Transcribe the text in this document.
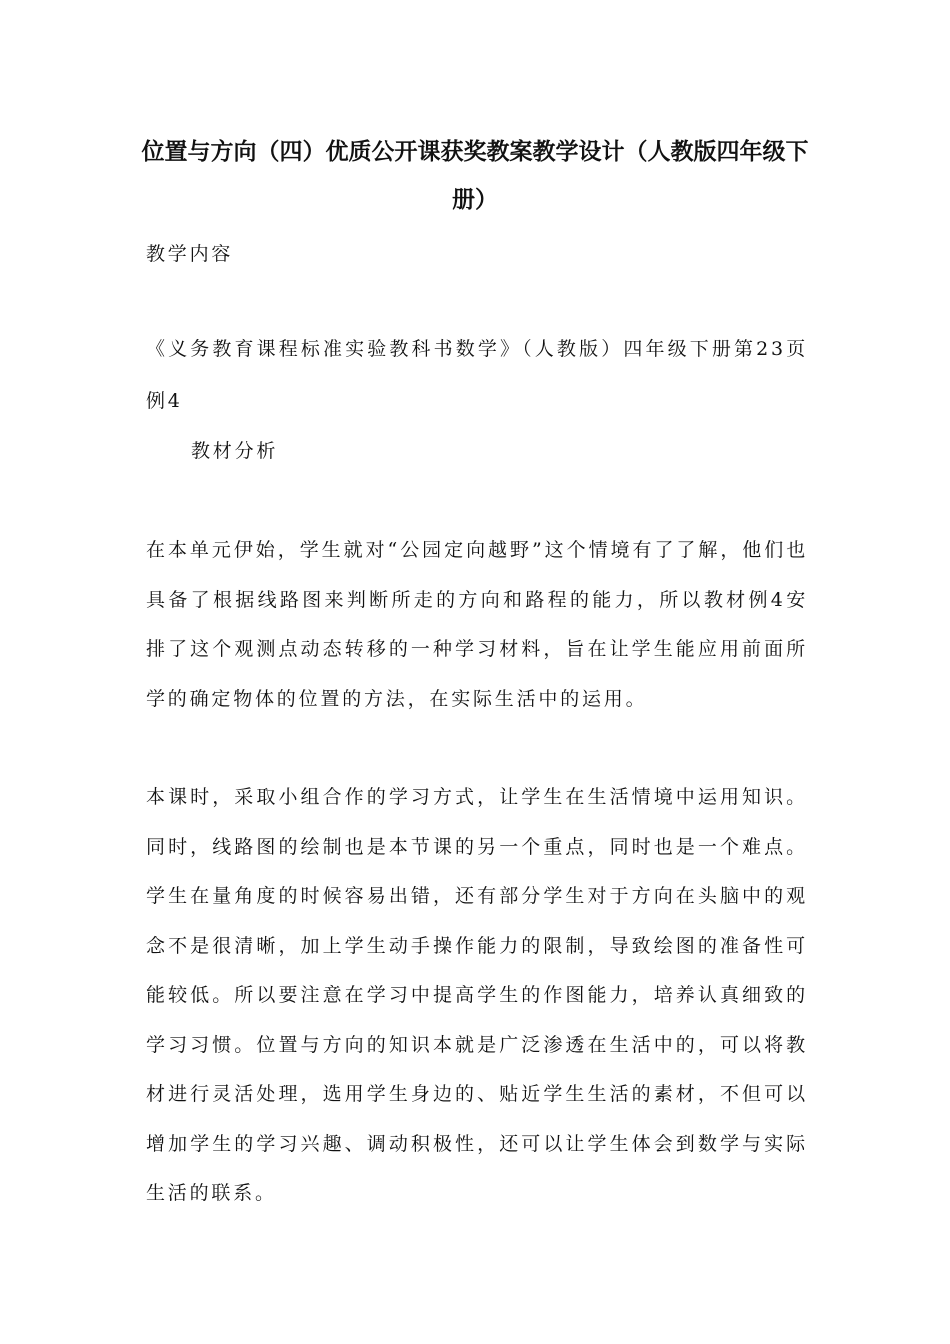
位置与方向（四）优质公开课获奖教案教学设计（人教版四年级下册）
教学内容
《义务教育课程标准实验教科书数学》（人教版）四年级下册第23页例4
教材分析
在本单元伊始，学生就对“公园定向越野”这个情境有了了解，他们也具备了根据线路图来判断所走的方向和路程的能力，所以教材例4安排了这个观测点动态转移的一种学习材料，旨在让学生能应用前面所学的确定物体的位置的方法，在实际生活中的运用。
本课时，采取小组合作的学习方式，让学生在生活情境中运用知识。同时，线路图的绘制也是本节课的另一个重点，同时也是一个难点。学生在量角度的时候容易出错，还有部分学生对于方向在头脑中的观念不是很清晰，加上学生动手操作能力的限制，导致绘图的准备性可能较低。所以要注意在学习中提高学生的作图能力，培养认真细致的学习习惯。位置与方向的知识本就是广泛渗透在生活中的，可以将教材进行灵活处理，选用学生身边的、贴近学生生活的素材，不但可以增加学生的学习兴趣、调动积极性，还可以让学生体会到数学与实际生活的联系。
